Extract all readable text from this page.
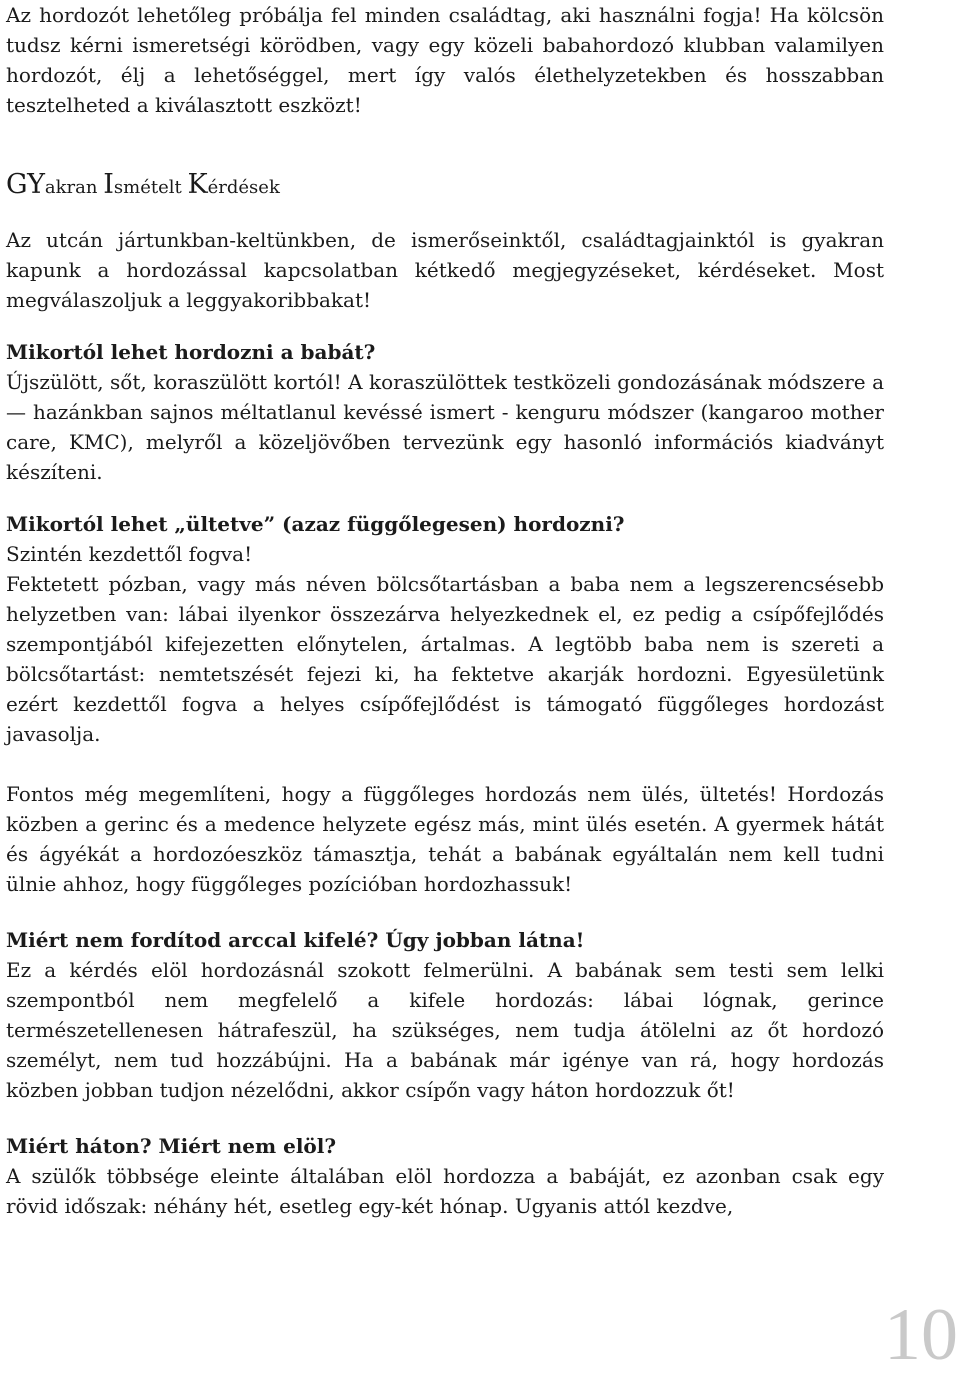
Az hordozót lehetőleg próbálja fel minden családtag, aki használni fogja! Ha kölcsön tudsz kérni ismeretségi körödben, vagy egy közeli babahordozó klubban valamilyen hordozót, élj a lehetőséggel, mert így valós élethelyzetekben és hosszabban tesztelheted a kiválasztott eszközt!

GYakran Ismételt Kérdések

Az utcán jártunkban-keltünkben, de ismerőseinktől, családtagjainktól is gyakran kapunk a hordozással kapcsolatban kétkedő megjegyzéseket, kérdéseket. Most megválaszoljuk a leggyakoribbakat!

Mikortól lehet hordozni a babát?

Újszülött, sőt, koraszülött kortól! A koraszülöttek testközeli gondozásának módszere a — hazánkban sajnos méltatlanul kevéssé ismert - kenguru módszer (kangaroo mother care, KMC), melyről a közeljövőben tervezünk egy hasonló információs kiadványt készíteni.

Mikortól lehet „ültetve” (azaz függőlegesen) hordozni?

Szintén kezdettől fogva!

Fektetett pózban, vagy más néven bölcsőtartásban a baba nem a legszerencsésebb helyzetben van: lábai ilyenkor összezárva helyezkednek el, ez pedig a csípőfejlődés szempontjából kifejezetten előnytelen, ártalmas. A legtöbb baba nem is szereti a bölcsőtartást: nemtetszését fejezi ki, ha fektetve akarják hordozni. Egyesületünk ezért kezdettől fogva a helyes csípőfejlődést is támogató függőleges hordozást javasolja.

Fontos még megemlíteni, hogy a függőleges hordozás nem ülés, ültetés! Hordozás közben a gerinc és a medence helyzete egész más, mint ülés esetén. A gyermek hátát és ágyékát a hordozóeszköz támasztja, tehát a babának egyáltalán nem kell tudni ülnie ahhoz, hogy függőleges pozícióban hordozhassuk!

Miért nem fordítod arccal kifelé? Úgy jobban látna!

Ez a kérdés elöl hordozásnál szokott felmerülni. A babának sem testi sem lelki szempontból nem megfelelő a kifele hordozás: lábai lógnak, gerince természetellenesen hátrafeszül, ha szükséges, nem tudja átölelni az őt hordozó személyt, nem tud hozzábújni. Ha a babának már igénye van rá, hogy hordozás közben jobban tudjon nézelődni, akkor csípőn vagy háton hordozzuk őt!

Miért háton? Miért nem elöl?

A szülők többsége eleinte általában elöl hordozza a babáját, ez azonban csak egy rövid időszak: néhány hét, esetleg egy-két hónap. Ugyanis attól kezdve,

10
